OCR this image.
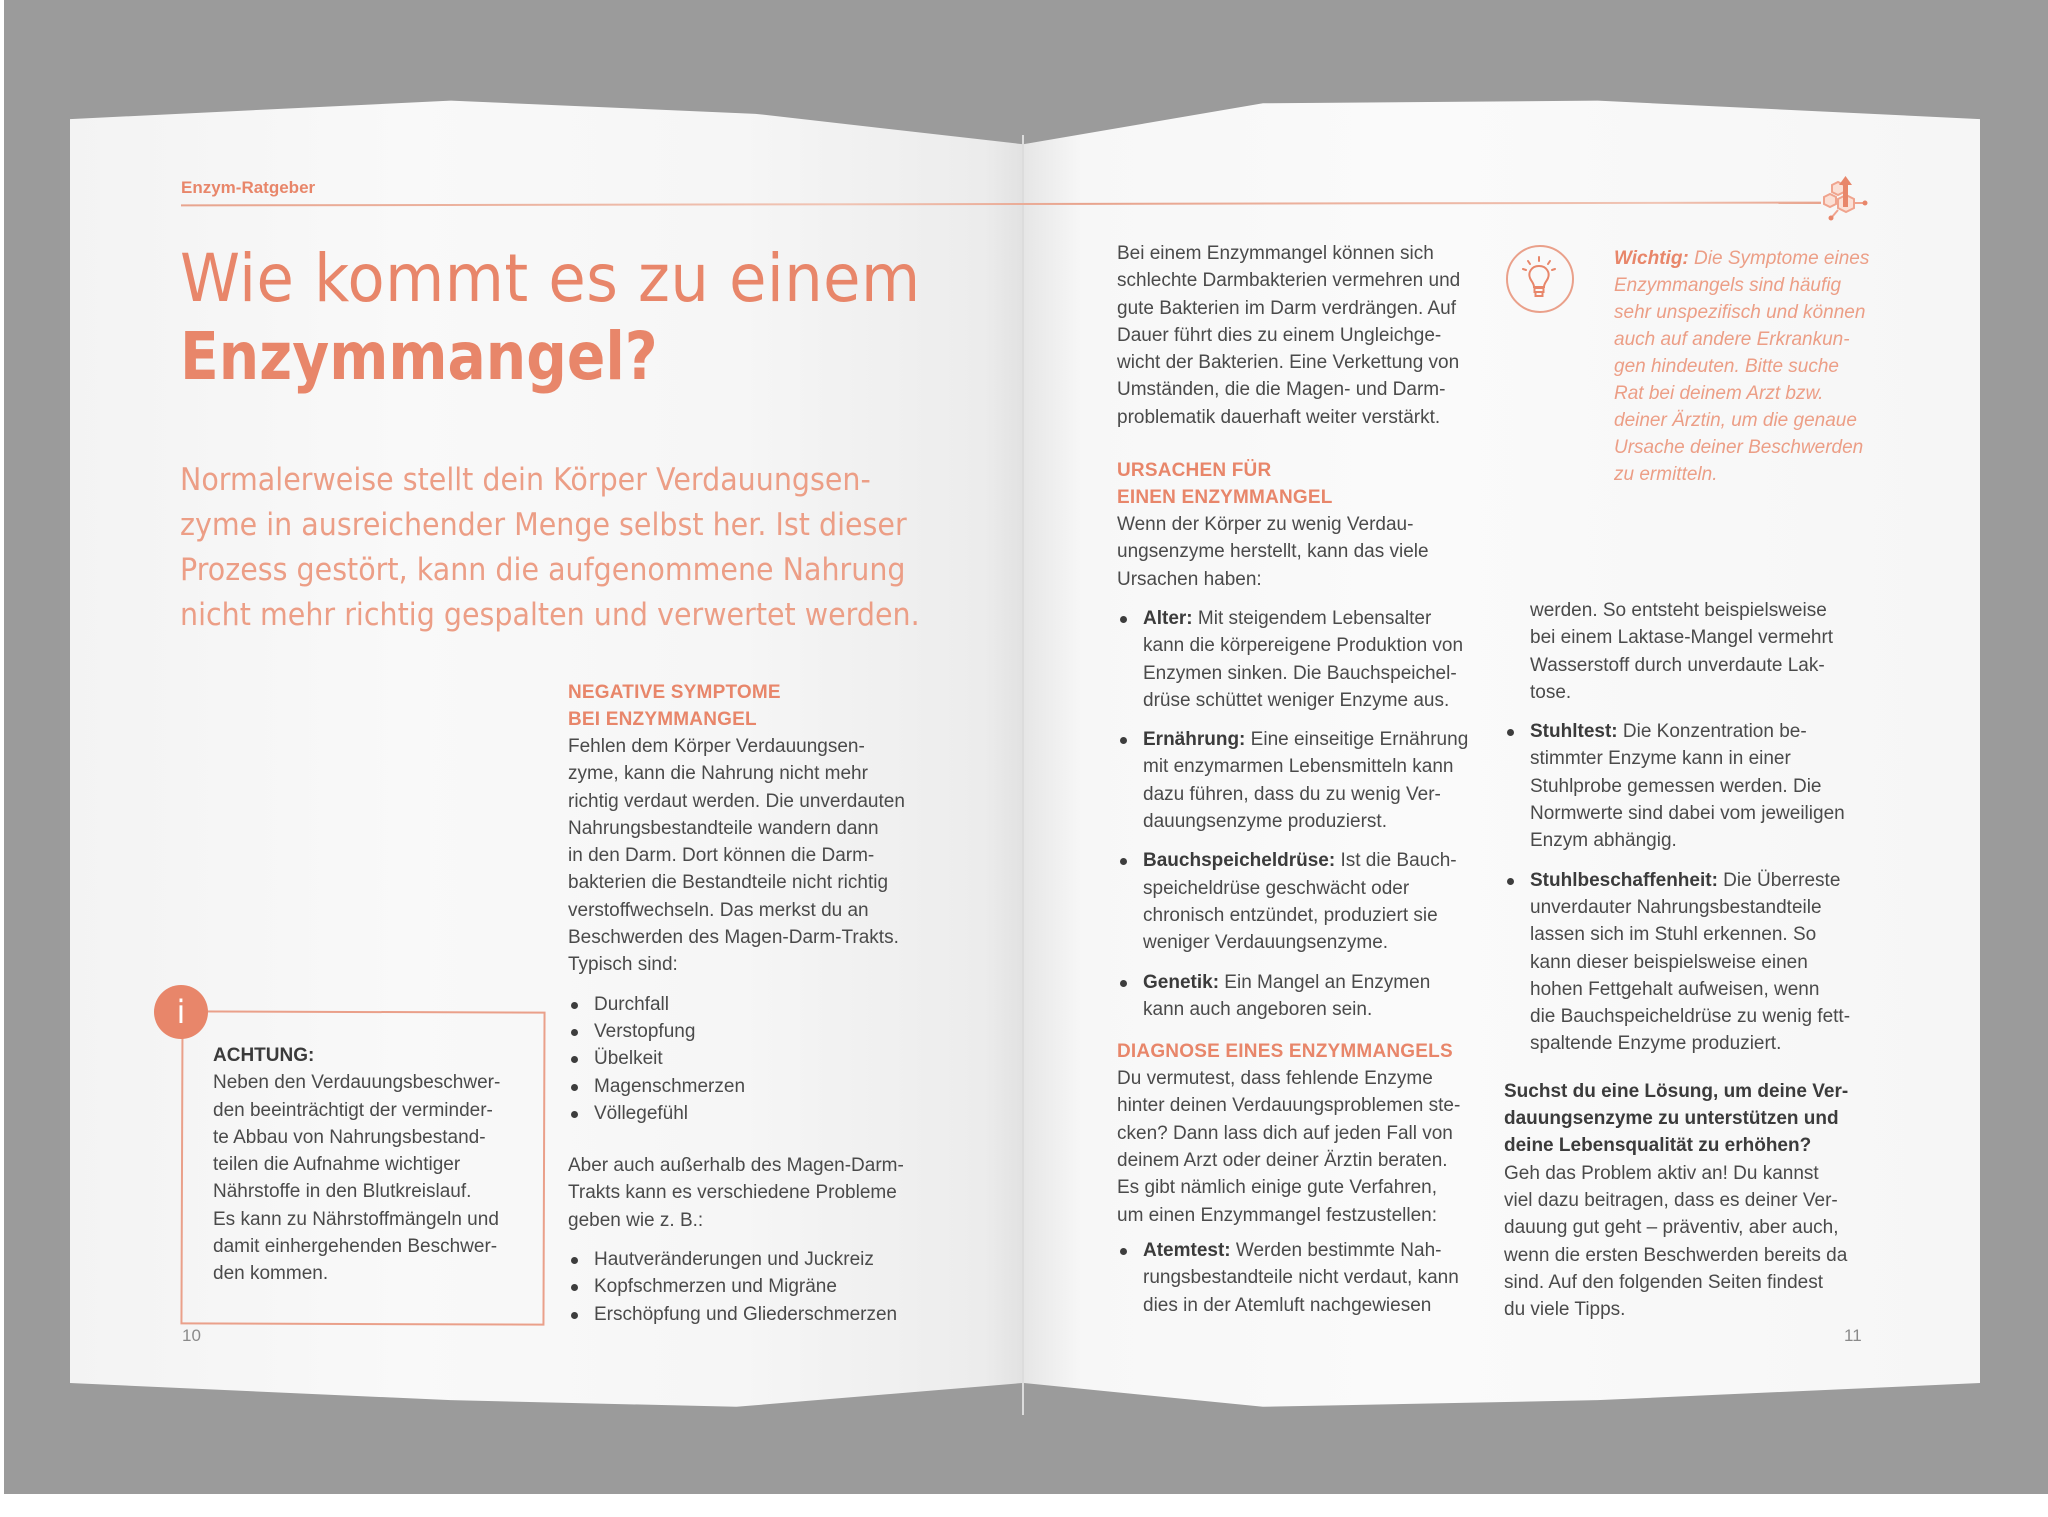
Enzym-Ratgeber
Wie kommt es zu einem
Enzymmangel?
Normalerweise stellt dein Körper Verdauungsen-
zyme in ausreichender Menge selbst her. Ist dieser
Prozess gestört, kann die aufgenommene Nahrung
nicht mehr richtig gespalten und verwertet werden.
NEGATIVE SYMPTOME
BEI ENZYMMANGEL
Fehlen dem Körper Verdauungsen-
zyme, kann die Nahrung nicht mehr
richtig verdaut werden. Die unverdauten
Nahrungsbestandteile wandern dann
in den Darm. Dort können die Darm-
bakterien die Bestandteile nicht richtig
verstoffwechseln. Das merkst du an
Beschwerden des Magen-Darm-Trakts.
Typisch sind:
Durchfall
Verstopfung
Übelkeit
Magenschmerzen
Völlegefühl
Aber auch außerhalb des Magen-Darm-
Trakts kann es verschiedene Probleme
geben wie z. B.:
Hautveränderungen und Juckreiz
Kopfschmerzen und Migräne
Erschöpfung und Gliederschmerzen
i
ACHTUNG:
Neben den Verdauungsbeschwer-
den beeinträchtigt der verminder-
te Abbau von Nahrungsbestand-
teilen die Aufnahme wichtiger
Nährstoffe in den Blutkreislauf.
Es kann zu Nährstoffmängeln und
damit einhergehenden Beschwer-
den kommen.
10
Bei einem Enzymmangel können sich
schlechte Darmbakterien vermehren und
gute Bakterien im Darm verdrängen. Auf
Dauer führt dies zu einem Ungleichge-
wicht der Bakterien. Eine Verkettung von
Umständen, die die Magen- und Darm-
problematik dauerhaft weiter verstärkt.
URSACHEN FÜR
EINEN ENZYMMANGEL
Wenn der Körper zu wenig Verdau-
ungsenzyme herstellt, kann das viele
Ursachen haben:
Alter: Mit steigendem Lebensalter
kann die körpereigene Produktion von
Enzymen sinken. Die Bauchspeichel-
drüse schüttet weniger Enzyme aus.
Ernährung: Eine einseitige Ernährung
mit enzymarmen Lebensmitteln kann
dazu führen, dass du zu wenig Ver-
dauungsenzyme produzierst.
Bauchspeicheldrüse: Ist die Bauch-
speicheldrüse geschwächt oder
chronisch entzündet, produziert sie
weniger Verdauungsenzyme.
Genetik: Ein Mangel an Enzymen
kann auch angeboren sein.
DIAGNOSE EINES ENZYMMANGELS
Du vermutest, dass fehlende Enzyme
hinter deinen Verdauungsproblemen ste-
cken? Dann lass dich auf jeden Fall von
deinem Arzt oder deiner Ärztin beraten.
Es gibt nämlich einige gute Verfahren,
um einen Enzymmangel festzustellen:
Atemtest: Werden bestimmte Nah-
rungsbestandteile nicht verdaut, kann
dies in der Atemluft nachgewiesen
Wichtig: Die Symptome eines
Enzymmangels sind häufig
sehr unspezifisch und können
auch auf andere Erkrankun-
gen hindeuten. Bitte suche
Rat bei deinem Arzt bzw.
deiner Ärztin, um die genaue
Ursache deiner Beschwerden
zu ermitteln.
werden. So entsteht beispielsweise
bei einem Laktase-Mangel vermehrt
Wasserstoff durch unverdaute Lak-
tose.
Stuhltest: Die Konzentration be-
stimmter Enzyme kann in einer
Stuhlprobe gemessen werden. Die
Normwerte sind dabei vom jeweiligen
Enzym abhängig.
Stuhlbeschaffenheit: Die Überreste
unverdauter Nahrungsbestandteile
lassen sich im Stuhl erkennen. So
kann dieser beispielsweise einen
hohen Fettgehalt aufweisen, wenn
die Bauchspeicheldrüse zu wenig fett-
spaltende Enzyme produziert.
Suchst du eine Lösung, um deine Ver-
dauungsenzyme zu unterstützen und
deine Lebensqualität zu erhöhen?
Geh das Problem aktiv an! Du kannst
viel dazu beitragen, dass es deiner Ver-
dauung gut geht – präventiv, aber auch,
wenn die ersten Beschwerden bereits da
sind. Auf den folgenden Seiten findest
du viele Tipps.
11
